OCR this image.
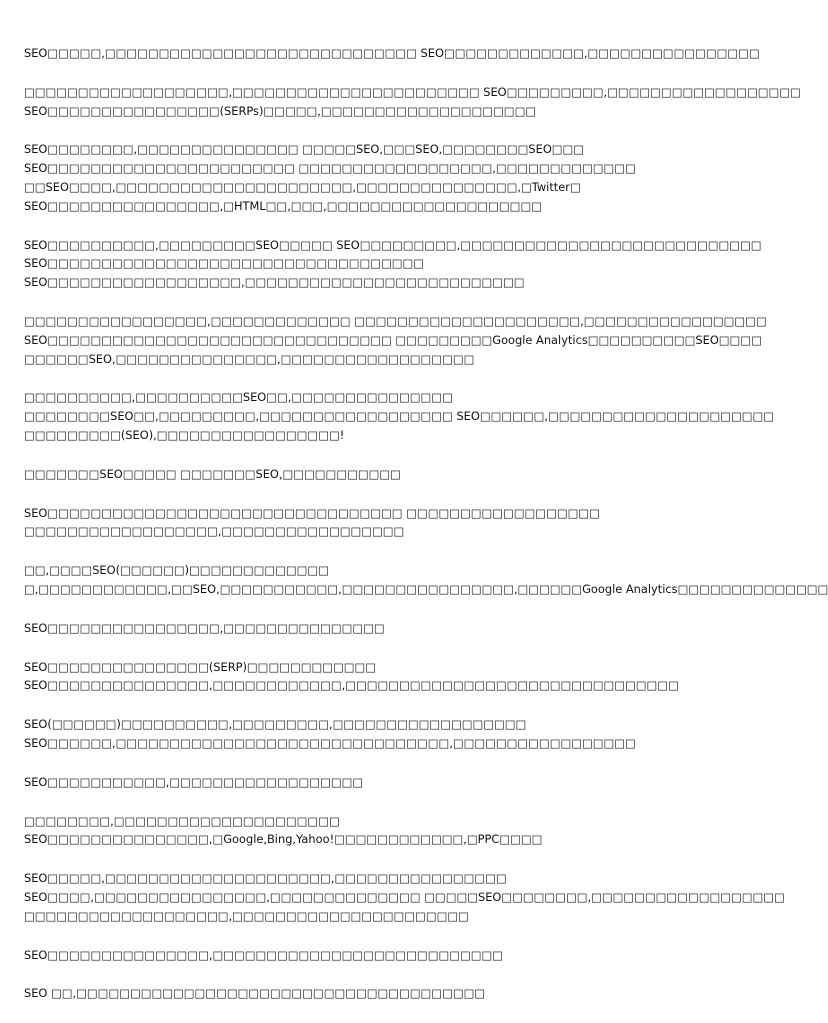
SEO□□□□□,□□□□□□□□□□□□□□□□□□□□□□□□□□□□□ SEO□□□□□□□□□□□□□,□□□□□□□□□□□□□□□□
□□□□□□□□□□□□□□□□□□□,□□□□□□□□□□□□□□□□□□□□□□□ SEO□□□□□□□□□,□□□□□□□□□□□□□□□□□□
SEO□□□□□□□□□□□□□□□□(SERPs)□□□□□,□□□□□□□□□□□□□□□□□□□□
SEO□□□□□□□□,□□□□□□□□□□□□□□□ □□□□□SEO,□□□SEO,□□□□□□□□SEO□□□
SEO□□□□□□□□□□□□□□□□□□□□□□□ □□□□□□□□□□□□□□□□□□,□□□□□□□□□□□□□
□□SEO□□□□,□□□□□□□□□□□□□□□□□□□□□□,□□□□□□□□□□□□□□□,□Twitter□
SEO□□□□□□□□□□□□□□□□,□HTML□□,□□□,□□□□□□□□□□□□□□□□□□□□
SEO□□□□□□□□□□,□□□□□□□□□SEO□□□□□ SEO□□□□□□□□□,□□□□□□□□□□□□□□□□□□□□□□□□□□□□
SEO□□□□□□□□□□□□□□□□□□□□□□□□□□□□□□□□□□□
SEO□□□□□□□□□□□□□□□□□□,□□□□□□□□□□□□□□□□□□□□□□□□□□
□□□□□□□□□□□□□□□□□,□□□□□□□□□□□□□ □□□□□□□□□□□□□□□□□□□□□,□□□□□□□□□□□□□□□□□
SEO□□□□□□□□□□□□□□□□□□□□□□□□□□□□□□□□ □□□□□□□□□Google Analytics□□□□□□□□□□SEO□□□□
□□□□□□SEO,□□□□□□□□□□□□□□□,□□□□□□□□□□□□□□□□□□
□□□□□□□□□□,□□□□□□□□□□SEO□□,□□□□□□□□□□□□□□□
□□□□□□□□SEO□□,□□□□□□□□□,□□□□□□□□□□□□□□□□□□ SEO□□□□□□,□□□□□□□□□□□□□□□□□□□□□
□□□□□□□□□(SEO),□□□□□□□□□□□□□□□□□!
□□□□□□□SEO□□□□□ □□□□□□□SEO,□□□□□□□□□□□
SEO□□□□□□□□□□□□□□□□□□□□□□□□□□□□□□□□□ □□□□□□□□□□□□□□□□□□
□□□□□□□□□□□□□□□□□□,□□□□□□□□□□□□□□□□□
□□,□□□□SEO(□□□□□□)□□□□□□□□□□□□□
□,□□□□□□□□□□□□,□□SEO,□□□□□□□□□□□,□□□□□□□□□□□□□□□□,□□□□□□Google Analytics□□□□□□□□□□□□□□
SEO□□□□□□□□□□□□□□□□,□□□□□□□□□□□□□□□
SEO□□□□□□□□□□□□□□□(SERP)□□□□□□□□□□□□
SEO□□□□□□□□□□□□□□□,□□□□□□□□□□□□,□□□□□□□□□□□□□□□□□□□□□□□□□□□□□□□
SEO(□□□□□□)□□□□□□□□□□,□□□□□□□□□,□□□□□□□□□□□□□□□□□□
SEO□□□□□□,□□□□□□□□□□□□□□□□□□□□□□□□□□□□□□□,□□□□□□□□□□□□□□□□□
SEO□□□□□□□□□□□,□□□□□□□□□□□□□□□□□□
□□□□□□□□,□□□□□□□□□□□□□□□□□□□□□
SEO□□□□□□□□□□□□□□□,□Google,Bing,Yahoo!□□□□□□□□□□□□,□PPC□□□□
SEO□□□□□,□□□□□□□□□□□□□□□□□□□□□,□□□□□□□□□□□□□□□□
SEO□□□□,□□□□□□□□□□□□□□□□,□□□□□□□□□□□□□□ □□□□□SEO□□□□□□□□,□□□□□□□□□□□□□□□□□□
□□□□□□□□□□□□□□□□□□□,□□□□□□□□□□□□□□□□□□□□□□
SEO□□□□□□□□□□□□□□□,□□□□□□□□□□□□□□□□□□□□□□□□□□□
SEO □□,□□□□□□□□□□□□□□□□□□□□□□□□□□□□□□□□□□□□□□
